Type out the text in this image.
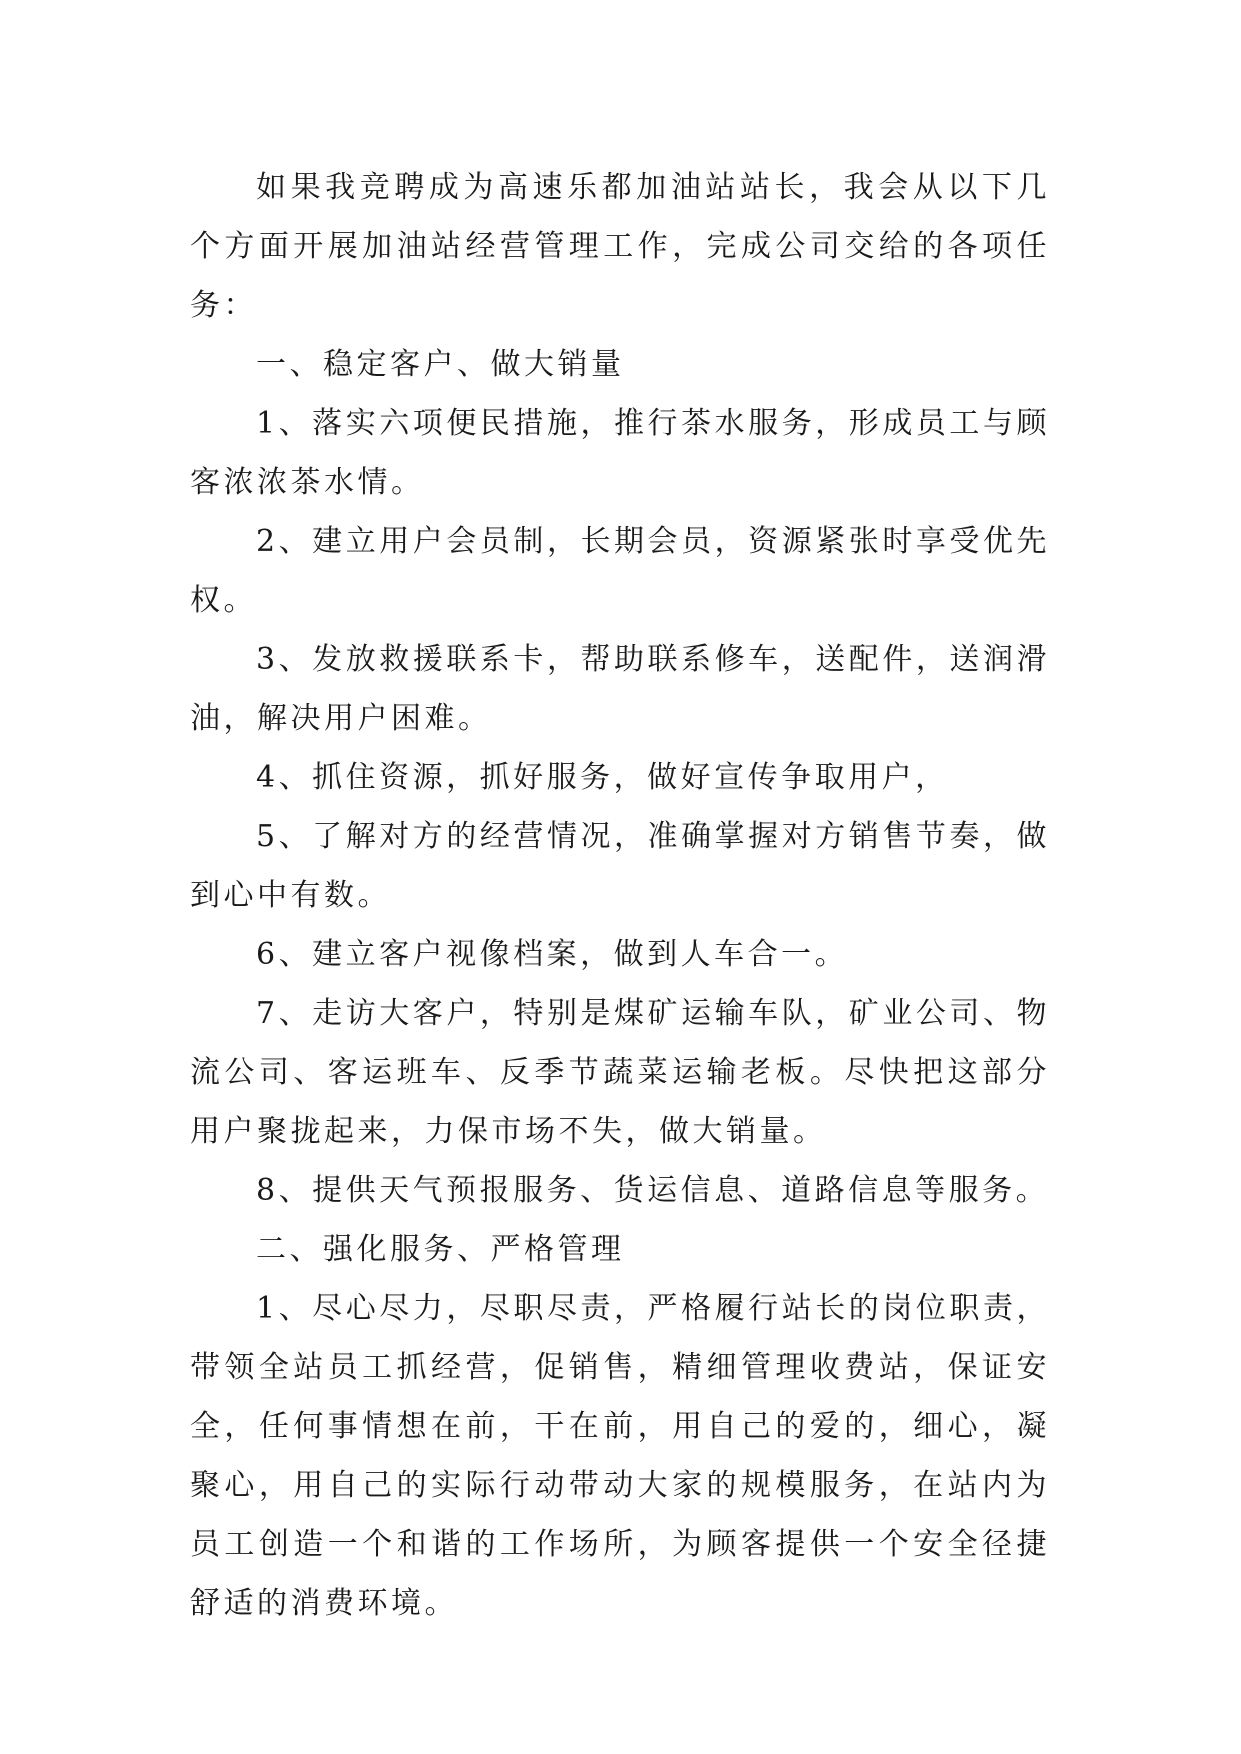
如果我竞聘成为高速乐都加油站站长，我会从以下几个方面开展加油站经营管理工作，完成公司交给的各项任务：

一、稳定客户、做大销量

1、落实六项便民措施，推行茶水服务，形成员工与顾客浓浓茶水情。

2、建立用户会员制，长期会员，资源紧张时享受优先权。

3、发放救援联系卡，帮助联系修车，送配件，送润滑油，解决用户困难。

4、抓住资源，抓好服务，做好宣传争取用户，

5、了解对方的经营情况，准确掌握对方销售节奏，做到心中有数。

6、建立客户视像档案，做到人车合一。

7、走访大客户，特别是煤矿运输车队，矿业公司、物流公司、客运班车、反季节蔬菜运输老板。尽快把这部分用户聚拢起来，力保市场不失，做大销量。

8、提供天气预报服务、货运信息、道路信息等服务。

二、强化服务、严格管理

1、尽心尽力，尽职尽责，严格履行站长的岗位职责，带领全站员工抓经营，促销售，精细管理收费站，保证安全，任何事情想在前，干在前，用自己的爱的，细心，凝聚心，用自己的实际行动带动大家的规模服务，在站内为员工创造一个和谐的工作场所，为顾客提供一个安全径捷舒适的消费环境。
